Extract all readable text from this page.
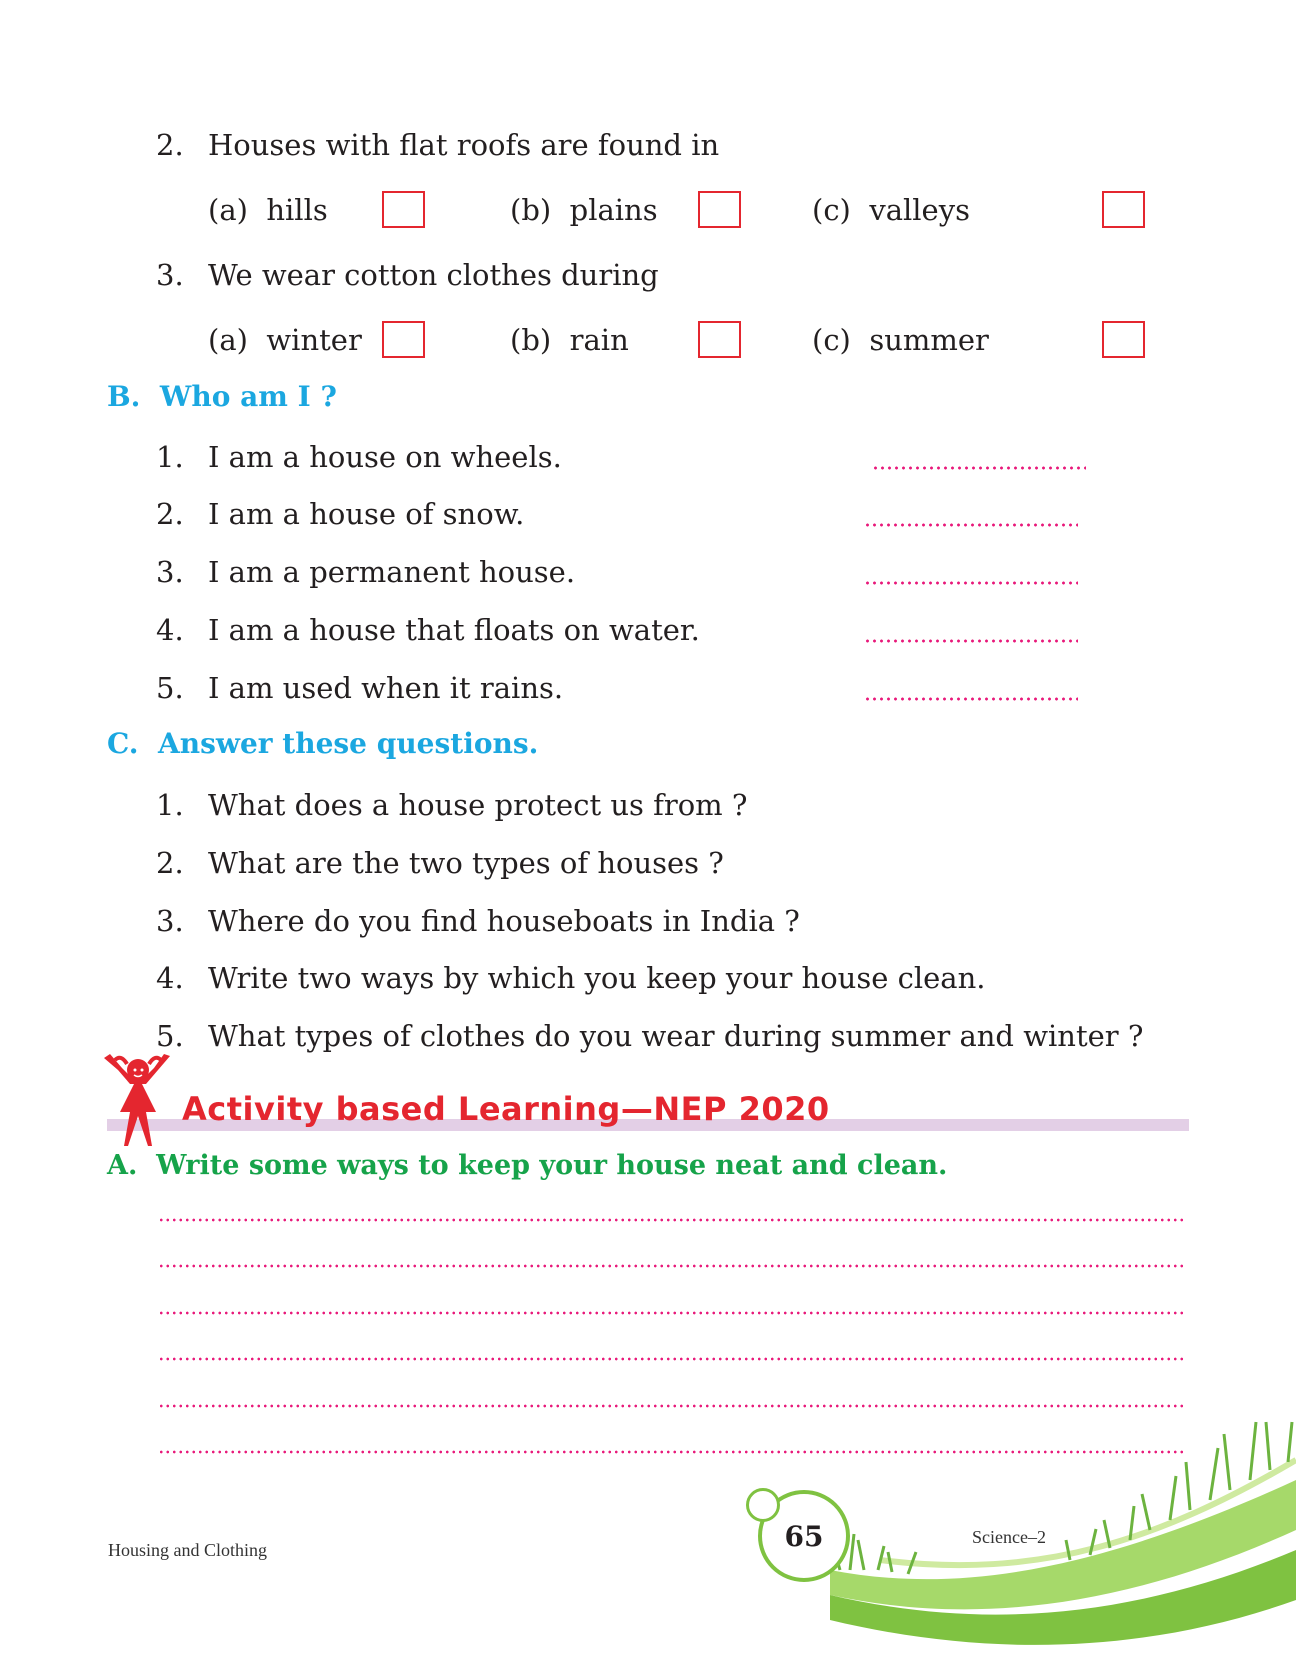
2. Houses with flat roofs are found in
(a) hills	(b) plains	(c) valleys
3. We wear cotton clothes during
(a) winter	(b) rain	(c) summer
B. Who am I ?
1. I am a house on wheels.
2. I am a house of snow.
3. I am a permanent house.
4. I am a house that floats on water.
5. I am used when it rains.
C. Answer these questions.
1. What does a house protect us from ?
2. What are the two types of houses ?
3. Where do you find houseboats in India ?
4. Write two ways by which you keep your house clean.
5. What types of clothes do you wear during summer and winter ?
Activity based Learning—NEP 2020
A. Write some ways to keep your house neat and clean.
65
Housing and Clothing
Science–2
